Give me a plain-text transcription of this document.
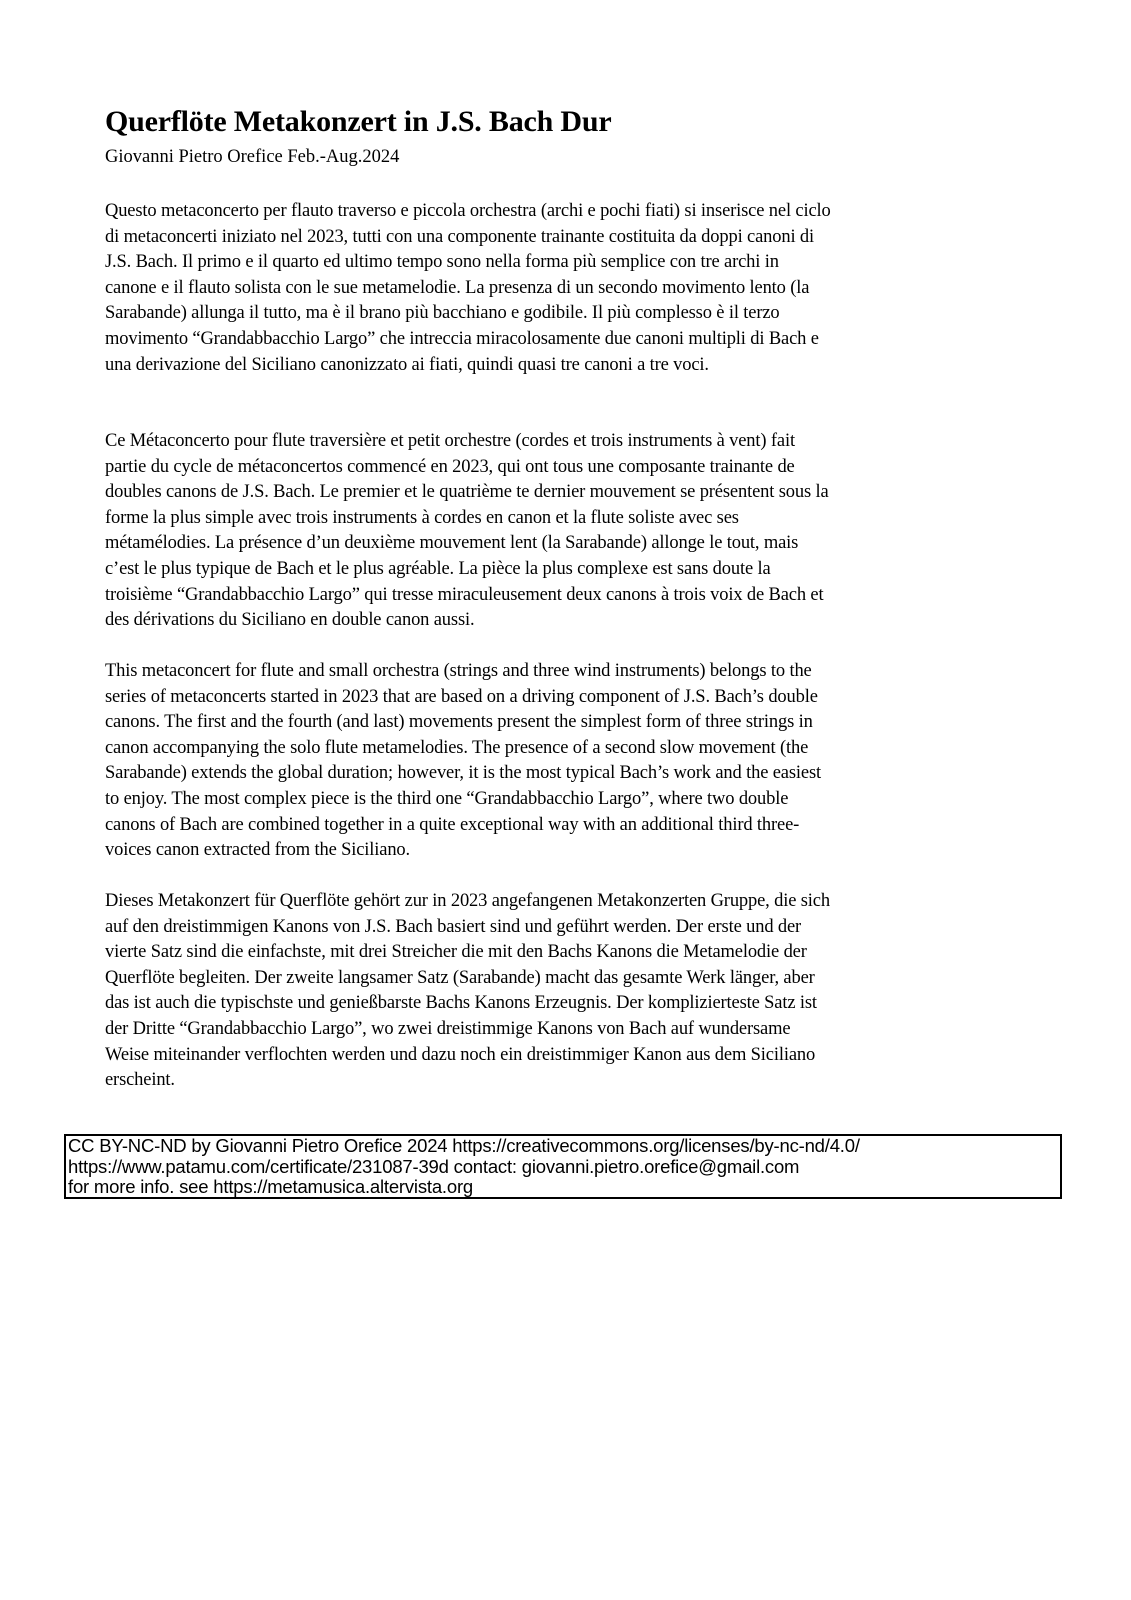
Querflöte Metakonzert in J.S. Bach Dur
Giovanni Pietro Orefice Feb.-Aug.2024
Questo metaconcerto per flauto traverso e piccola orchestra (archi e pochi fiati) si inserisce nel ciclo
di metaconcerti iniziato nel 2023, tutti con una componente trainante costituita da doppi canoni di
J.S. Bach. Il primo e il quarto ed ultimo tempo sono nella forma più semplice con tre archi in
canone e il flauto solista con le sue metamelodie. La presenza di un secondo movimento lento (la
Sarabande) allunga il tutto, ma è il brano più bacchiano e godibile. Il più complesso è il terzo
movimento “Grandabbacchio Largo” che intreccia miracolosamente due canoni multipli di Bach e
una derivazione del Siciliano canonizzato ai fiati, quindi quasi tre canoni a tre voci.
Ce Métaconcerto pour flute traversière et petit orchestre (cordes et trois instruments à vent) fait
partie du cycle de métaconcertos commencé en 2023, qui ont tous une composante trainante de
doubles canons de J.S. Bach. Le premier et le quatrième te dernier mouvement se présentent sous la
forme la plus simple avec trois instruments à cordes en canon et la flute soliste avec ses
métamélodies. La présence d’un deuxième mouvement lent (la Sarabande) allonge le tout, mais
c’est le plus typique de Bach et le plus agréable. La pièce la plus complexe est sans doute la
troisième “Grandabbacchio Largo” qui tresse miraculeusement deux canons à trois voix de Bach et
des dérivations du Siciliano en double canon aussi.
This metaconcert for flute and small orchestra (strings and three wind instruments) belongs to the
series of metaconcerts started in 2023 that are based on a driving component of J.S. Bach’s double
canons. The first and the fourth (and last) movements present the simplest form of three strings in
canon accompanying the solo flute metamelodies. The presence of a second slow movement (the
Sarabande) extends the global duration; however, it is the most typical Bach’s work and the easiest
to enjoy. The most complex piece is the third one “Grandabbacchio Largo”, where two double
canons of Bach are combined together in a quite exceptional way with an additional third three-
voices canon extracted from the Siciliano.
Dieses Metakonzert für Querflöte gehört zur in 2023 angefangenen Metakonzerten Gruppe, die sich
auf den dreistimmigen Kanons von J.S. Bach basiert sind und geführt werden. Der erste und der
vierte Satz sind die einfachste, mit drei Streicher die mit den Bachs Kanons die Metamelodie der
Querflöte begleiten. Der zweite langsamer Satz (Sarabande) macht das gesamte Werk länger, aber
das ist auch die typischste und genießbarste Bachs Kanons Erzeugnis. Der komplizierteste Satz ist
der Dritte “Grandabbacchio Largo”, wo zwei dreistimmige Kanons von Bach auf wundersame
Weise miteinander verflochten werden und dazu noch ein dreistimmiger Kanon aus dem Siciliano
erscheint.
CC BY-NC-ND by Giovanni Pietro Orefice 2024 https://creativecommons.org/licenses/by-nc-nd/4.0/
https://www.patamu.com/certificate/231087-39d contact: giovanni.pietro.orefice@gmail.com
for more info. see https://metamusica.altervista.org
